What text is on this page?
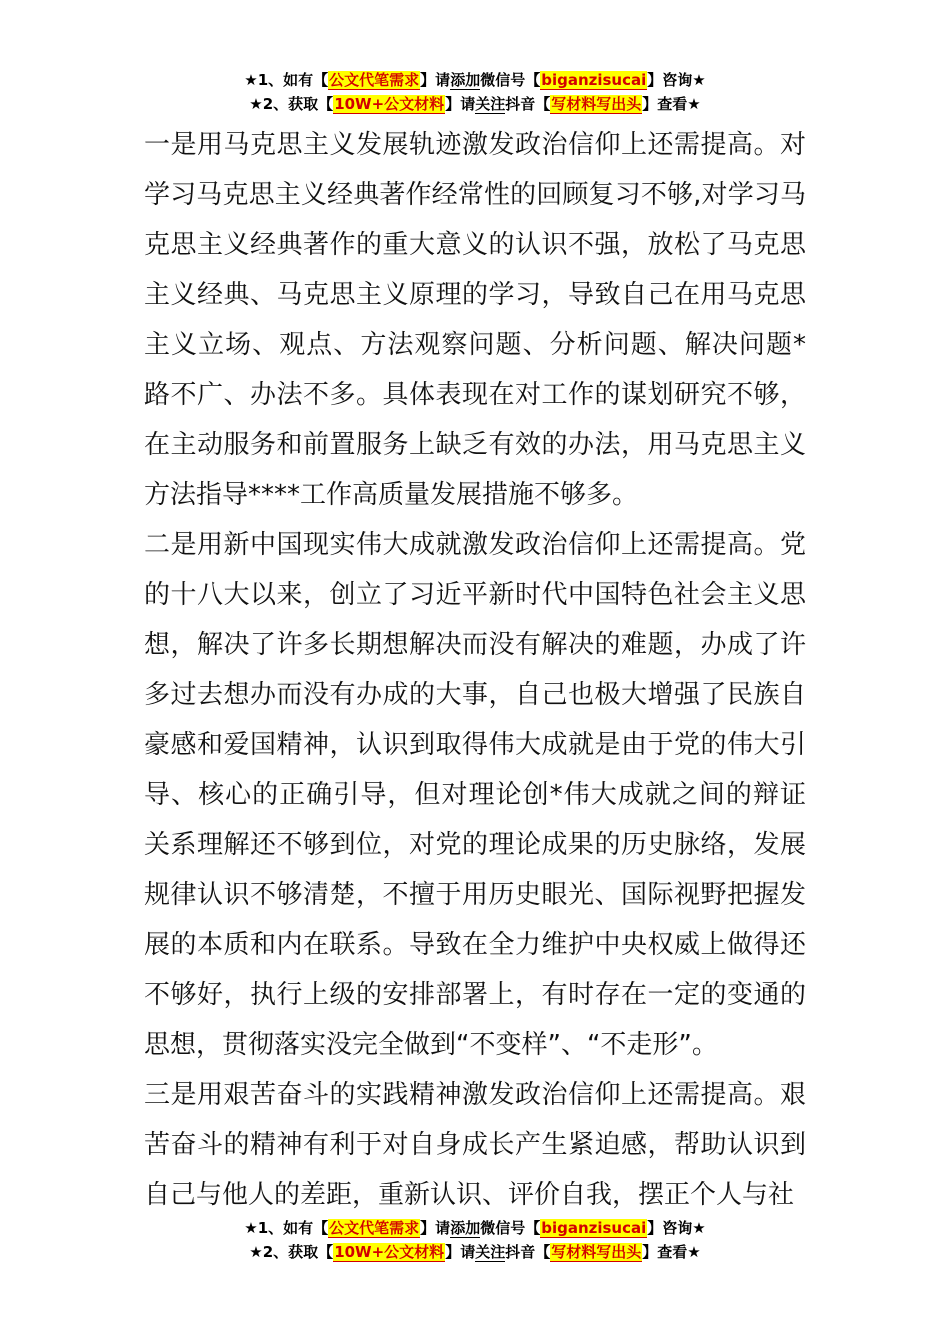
★1、如有【公文代笔需求】请添加微信号【biganzisucai】咨询★
★2、获取【10W+公文材料】请关注抖音【写材料写出头】查看★

一是用马克思主义发展轨迹激发政治信仰上还需提高。对学习马克思主义经典著作经常性的回顾复习不够,对学习马克思主义经典著作的重大意义的认识不强，放松了马克思主义经典、马克思主义原理的学习，导致自己在用马克思主义立场、观点、方法观察问题、分析问题、解决问题*路不广、办法不多。具体表现在对工作的谋划研究不够，在主动服务和前置服务上缺乏有效的办法，用马克思主义方法指导****工作高质量发展措施不够多。

二是用新中国现实伟大成就激发政治信仰上还需提高。党的十八大以来，创立了习近平新时代中国特色社会主义思想，解决了许多长期想解决而没有解决的难题，办成了许多过去想办而没有办成的大事，自己也极大增强了民族自豪感和爱国精神，认识到取得伟大成就是由于党的伟大引导、核心的正确引导，但对理论创*伟大成就之间的辩证关系理解还不够到位，对党的理论成果的历史脉络，发展规律认识不够清楚，不擅于用历史眼光、国际视野把握发展的本质和内在联系。导致在全力维护中央权威上做得还不够好，执行上级的安排部署上，有时存在一定的变通的思想，贯彻落实没完全做到“不变样”、“不走形”。

三是用艰苦奋斗的实践精神激发政治信仰上还需提高。艰苦奋斗的精神有利于对自身成长产生紧迫感，帮助认识到自己与他人的差距，重新认识、评价自我，摆正个人与社

★1、如有【公文代笔需求】请添加微信号【biganzisucai】咨询★
★2、获取【10W+公文材料】请关注抖音【写材料写出头】查看★
